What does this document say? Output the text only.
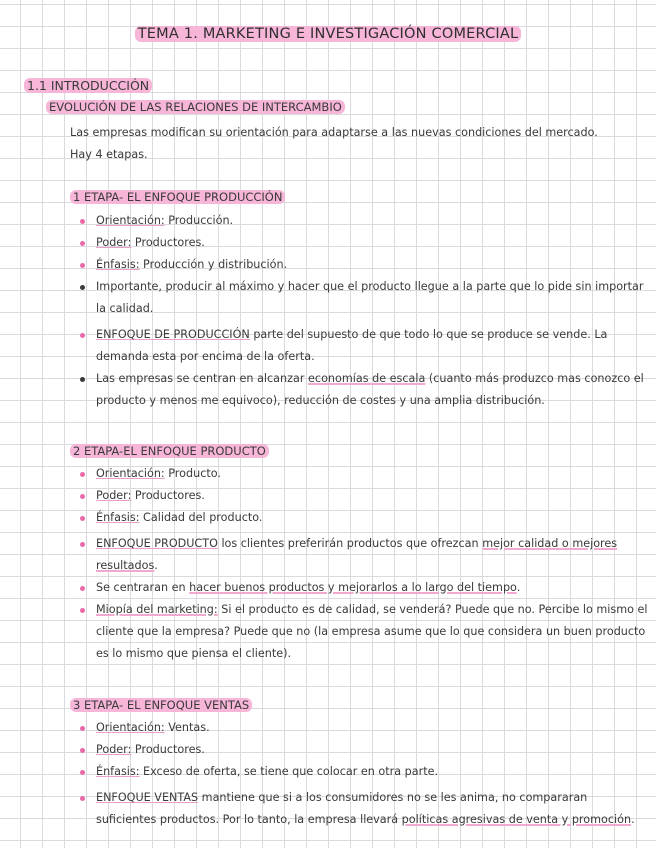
TEMA 1. MARKETING E INVESTIGACIÓN COMERCIAL
1.1 INTRODUCCIÓN
EVOLUCIÓN DE LAS RELACIONES DE INTERCAMBIO
Las empresas modifican su orientación para adaptarse a las nuevas condiciones del mercado.
Hay 4 etapas.
1 ETAPA- EL ENFOQUE PRODUCCIÓN
Orientación: Producción.
Poder: Productores.
Énfasis: Producción y distribución.
Importante, producir al máximo y hacer que el producto llegue a la parte que lo pide sin importar la calidad.
ENFOQUE DE PRODUCCIÓN parte del supuesto de que todo lo que se produce se vende. La demanda esta por encima de la oferta.
Las empresas se centran en alcanzar economías de escala (cuanto más produzco mas conozco el producto y menos me equivoco), reducción de costes y una amplia distribución.
2 ETAPA-EL ENFOQUE PRODUCTO
Orientación: Producto.
Poder: Productores.
Énfasis: Calidad del producto.
ENFOQUE PRODUCTO los clientes preferirán productos que ofrezcan mejor calidad o mejores resultados.
Se centraran en hacer buenos productos y mejorarlos a lo largo del tiempo.
Miopía del marketing: Si el producto es de calidad, se venderá? Puede que no. Percibe lo mismo el cliente que la empresa? Puede que no (la empresa asume que lo que considera un buen producto es lo mismo que piensa el cliente).
3 ETAPA- EL ENFOQUE VENTAS
Orientación: Ventas.
Poder: Productores.
Énfasis: Exceso de oferta, se tiene que colocar en otra parte.
ENFOQUE VENTAS mantiene que si a los consumidores no se les anima, no compararan suficientes productos. Por lo tanto, la empresa llevará políticas agresivas de venta y promoción.
